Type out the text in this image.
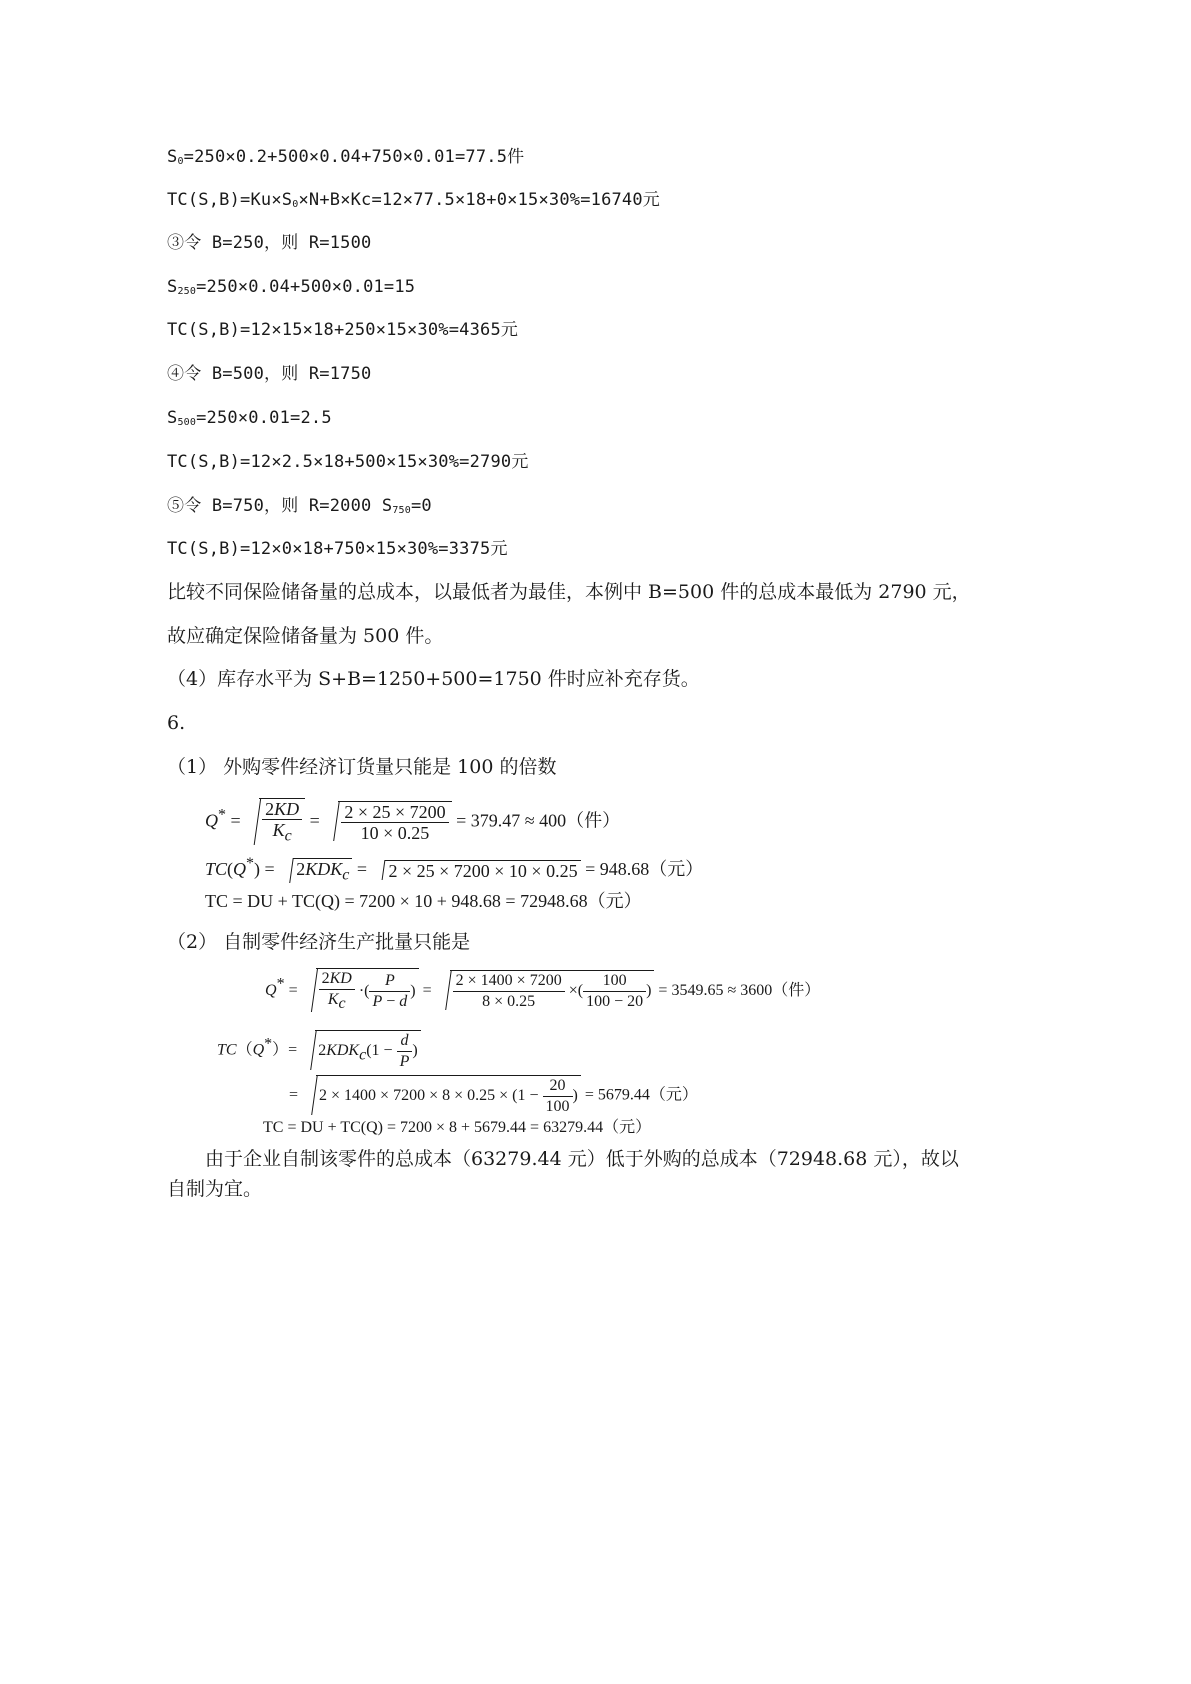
$S_0=250\times 0.2+500\times 0.04+750\times 0.01=77.5$件
$TC(S,B)=Ku\times S_0\times N+B\times Kc=12\times 77.5\times 18+0\times 15\times 30\%=16740$元
③令 B=250，则 R=1500
$S_{250}=250\times 0.04+500\times 0.01=15$
TC(S,B)=12×15×18+250×15×30%=4365元
④令 B=500，则 R=1750
$S_{500}=250\times 0.01=2.5$
TC(S,B)=12×2.5×18+500×15×30%=2790元
⑤令 B=750，则 R=2000 $S_{750}=0$
TC(S,B)=12×0×18+750×15×30%=3375元
比较不同保险储备量的总成本，以最低者为最佳，本例中 B=500 件的总成本最低为 2790 元，
故应确定保险储备量为 500 件。
（4）库存水平为 S+B=1250+500=1750 件时应补充存货。
6.
（1） 外购零件经济订货量只能是 100 的倍数
$Q^* = \frac{2KD}{K_c} = \frac{2 \times 25 \times 7200}{10 \times 0.25} = 379.47 \approx 400$（件）
$TC(Q^*) = 2KDK_c = 2 \times 25 \times 7200 \times 10 \times 0.25 = 948.68$（元）
TC = DU + TC(Q) = 7200 × 10 + 948.68 = 72948.68（元）
（2） 自制零件经济生产批量只能是
$Q^* = \frac{2KD}{K_c}$ ·( $\frac{P}{P - d}$ ) = $\frac{2 \times 1400 \times 7200}{8 \times 0.25}$ ×( $\frac{100}{100 - 20}$ ) = 3549.65 ≈ 3600（件）
$TC(Q^*)= 2KDK_c(1 - \frac{d}{P}$ )
= $2 \times 1400 \times 7200 \times 8 \times 0.25 \times (1 - \frac{20}{100}$ ) = 5679.44（元）
TC = DU + TC(Q) = 7200 × 8 + 5679.44 = 63279.44（元）
由于企业自制该零件的总成本（63279.44 元）低于外购的总成本（72948.68 元），故以
自制为宜。
